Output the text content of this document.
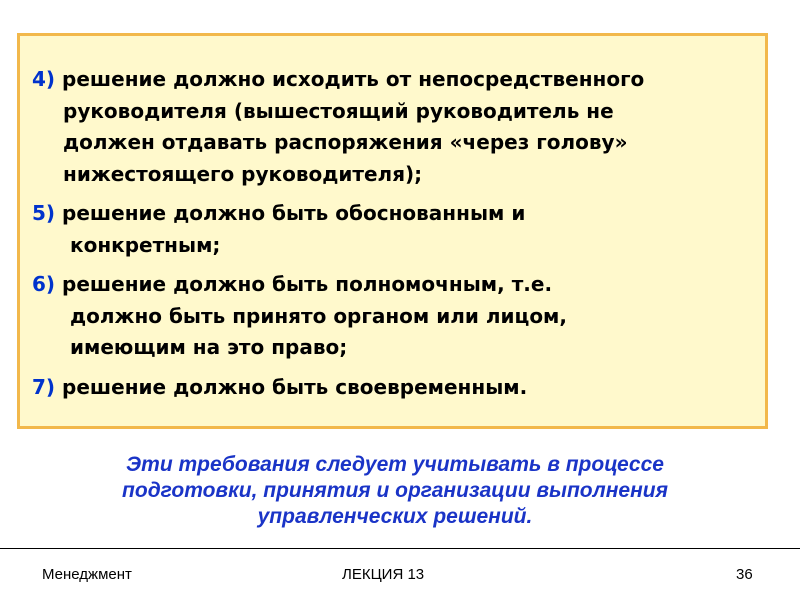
4) решение должно исходить от непосредственного
руководителя (вышестоящий руководитель не
должен отдавать распоряжения «через голову»
нижестоящего руководителя);
5) решение должно быть обоснованным и
конкретным;
6) решение должно быть полномочным, т.е.
должно быть принято органом или лицом,
имеющим на это право;
7) решение должно быть своевременным.
Эти требования следует учитывать в процессе
подготовки, принятия и организации выполнения
управленческих решений.
Менеджмент	ЛЕКЦИЯ 13	36
